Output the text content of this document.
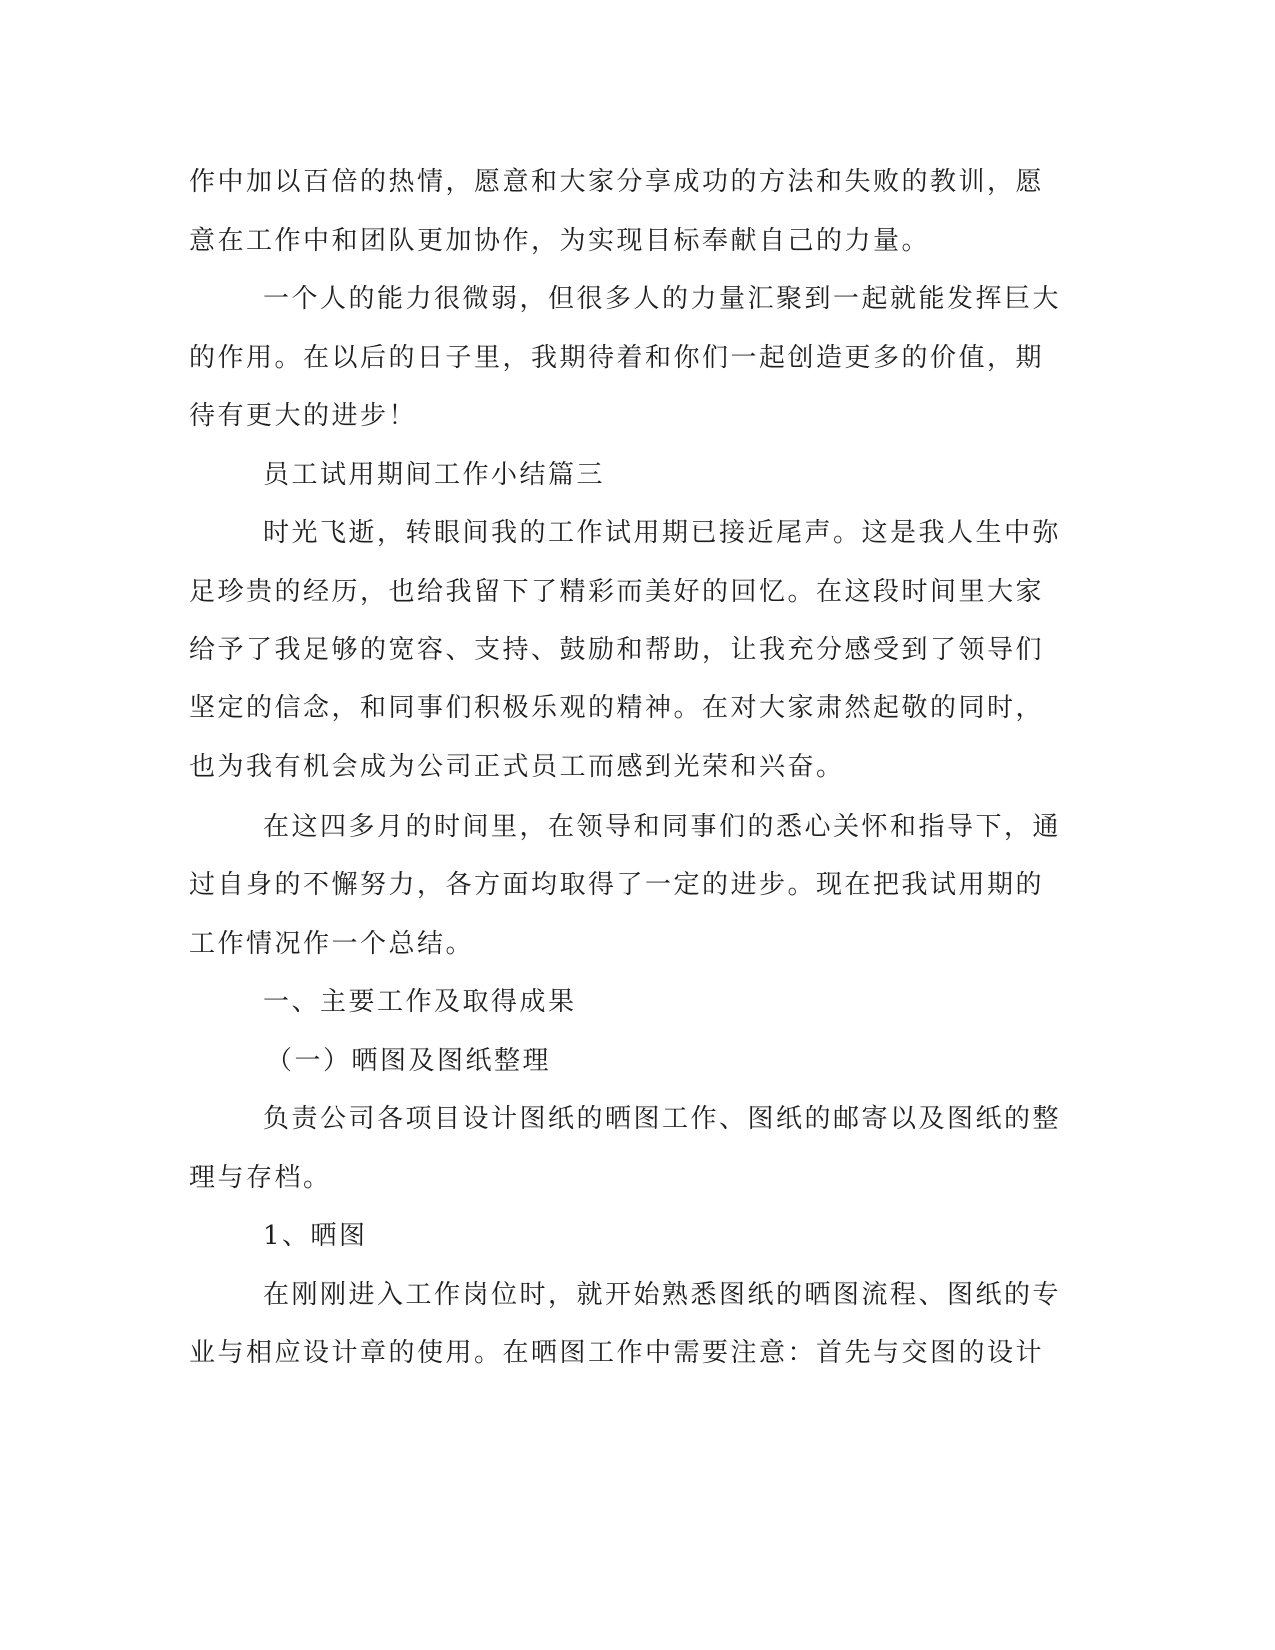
作中加以百倍的热情，愿意和大家分享成功的方法和失败的教训，愿
意在工作中和团队更加协作，为实现目标奉献自己的力量。
一个人的能力很微弱，但很多人的力量汇聚到一起就能发挥巨大
的作用。在以后的日子里，我期待着和你们一起创造更多的价值，期
待有更大的进步！
员工试用期间工作小结篇三
时光飞逝，转眼间我的工作试用期已接近尾声。这是我人生中弥
足珍贵的经历，也给我留下了精彩而美好的回忆。在这段时间里大家
给予了我足够的宽容、支持、鼓励和帮助，让我充分感受到了领导们
坚定的信念，和同事们积极乐观的精神。在对大家肃然起敬的同时，
也为我有机会成为公司正式员工而感到光荣和兴奋。
在这四多月的时间里，在领导和同事们的悉心关怀和指导下，通
过自身的不懈努力，各方面均取得了一定的进步。现在把我试用期的
工作情况作一个总结。
一、主要工作及取得成果
（一）晒图及图纸整理
负责公司各项目设计图纸的晒图工作、图纸的邮寄以及图纸的整
理与存档。
1、晒图
在刚刚进入工作岗位时，就开始熟悉图纸的晒图流程、图纸的专
业与相应设计章的使用。在晒图工作中需要注意：首先与交图的设计
